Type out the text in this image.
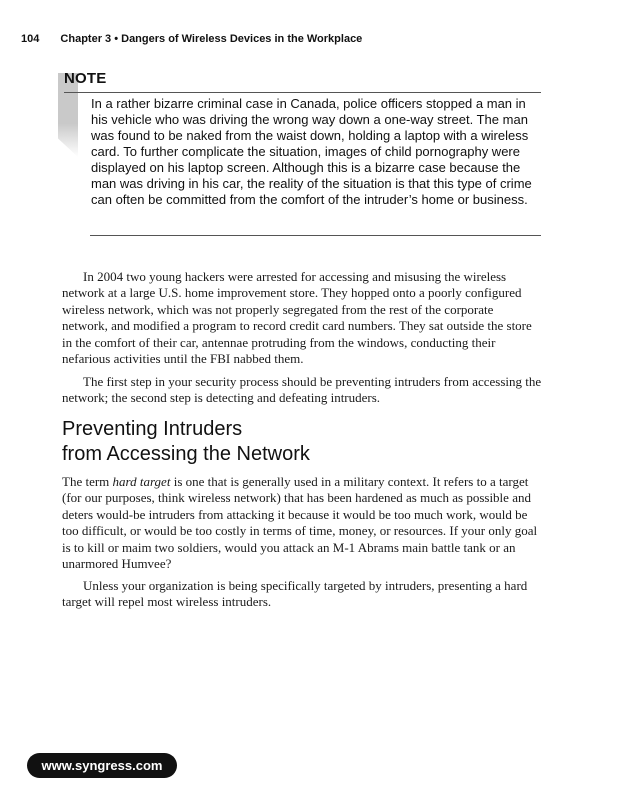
104 Chapter 3 • Dangers of Wireless Devices in the Workplace
NOTE

In a rather bizarre criminal case in Canada, police officers stopped a man in his vehicle who was driving the wrong way down a one-way street. The man was found to be naked from the waist down, holding a laptop with a wireless card. To further complicate the situation, images of child pornography were displayed on his laptop screen. Although this is a bizarre case because the man was driving in his car, the reality of the situation is that this type of crime can often be committed from the comfort of the intruder’s home or business.

In 2004 two young hackers were arrested for accessing and misusing the wireless network at a large U.S. home improvement store. They hopped onto a poorly configured wireless network, which was not properly segregated from the rest of the corporate network, and modified a program to record credit card numbers. They sat outside the store in the comfort of their car, antennae protruding from the windows, conducting their nefarious activities until the FBI nabbed them.

The first step in your security process should be preventing intruders from accessing the network; the second step is detecting and defeating intruders.

Preventing Intruders
from Accessing the Network

The term hard target is one that is generally used in a military context. It refers to a target (for our purposes, think wireless network) that has been hardened as much as possible and deters would-be intruders from attacking it because it would be too much work, would be too difficult, or would be too costly in terms of time, money, or resources. If your only goal is to kill or maim two soldiers, would you attack an M-1 Abrams main battle tank or an unarmored Humvee?

Unless your organization is being specifically targeted by intruders, presenting a hard target will repel most wireless intruders.

www.syngress.com
